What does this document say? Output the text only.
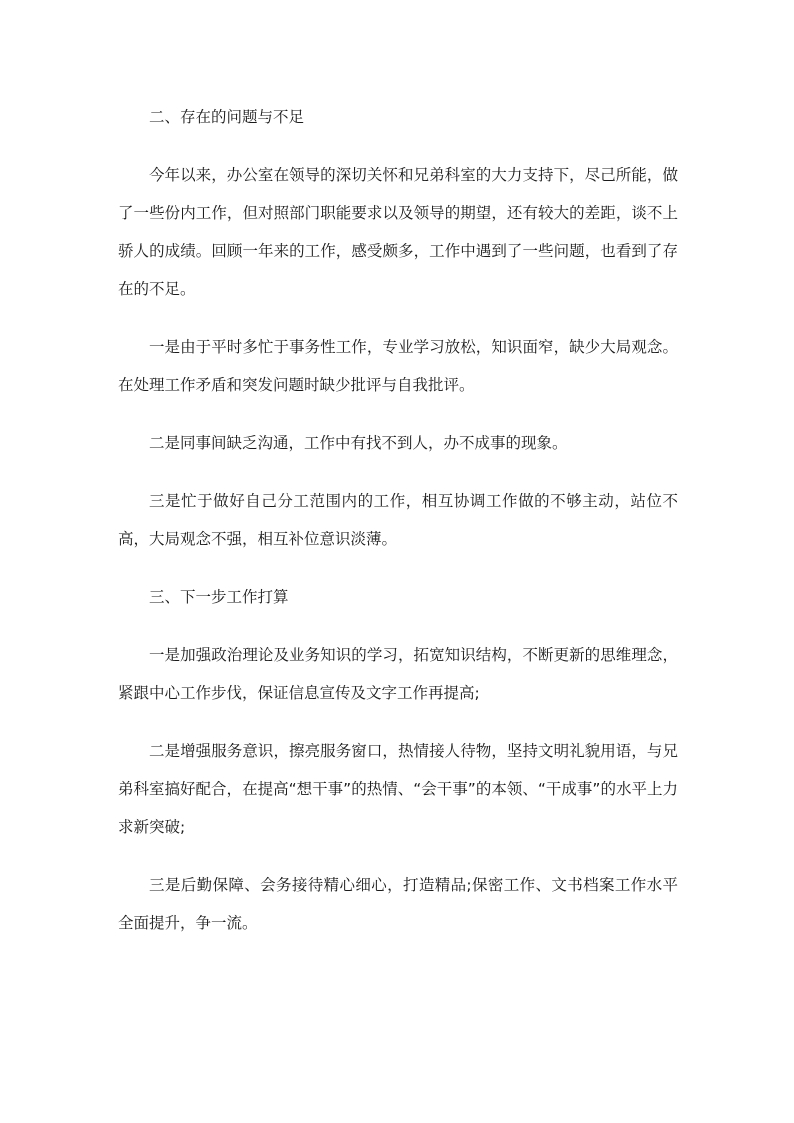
二、存在的问题与不足

今年以来，办公室在领导的深切关怀和兄弟科室的大力支持下，尽己所能，做了一些份内工作，但对照部门职能要求以及领导的期望，还有较大的差距，谈不上骄人的成绩。回顾一年来的工作，感受颇多，工作中遇到了一些问题，也看到了存在的不足。

一是由于平时多忙于事务性工作，专业学习放松，知识面窄，缺少大局观念。在处理工作矛盾和突发问题时缺少批评与自我批评。

二是同事间缺乏沟通，工作中有找不到人，办不成事的现象。

三是忙于做好自己分工范围内的工作，相互协调工作做的不够主动，站位不高，大局观念不强，相互补位意识淡薄。

三、下一步工作打算

一是加强政治理论及业务知识的学习，拓宽知识结构，不断更新的思维理念，紧跟中心工作步伐，保证信息宣传及文字工作再提高;

二是增强服务意识，擦亮服务窗口，热情接人待物，坚持文明礼貌用语，与兄弟科室搞好配合，在提高“想干事”的热情、“会干事”的本领、“干成事”的水平上力求新突破;

三是后勤保障、会务接待精心细心，打造精品;保密工作、文书档案工作水平全面提升，争一流。
